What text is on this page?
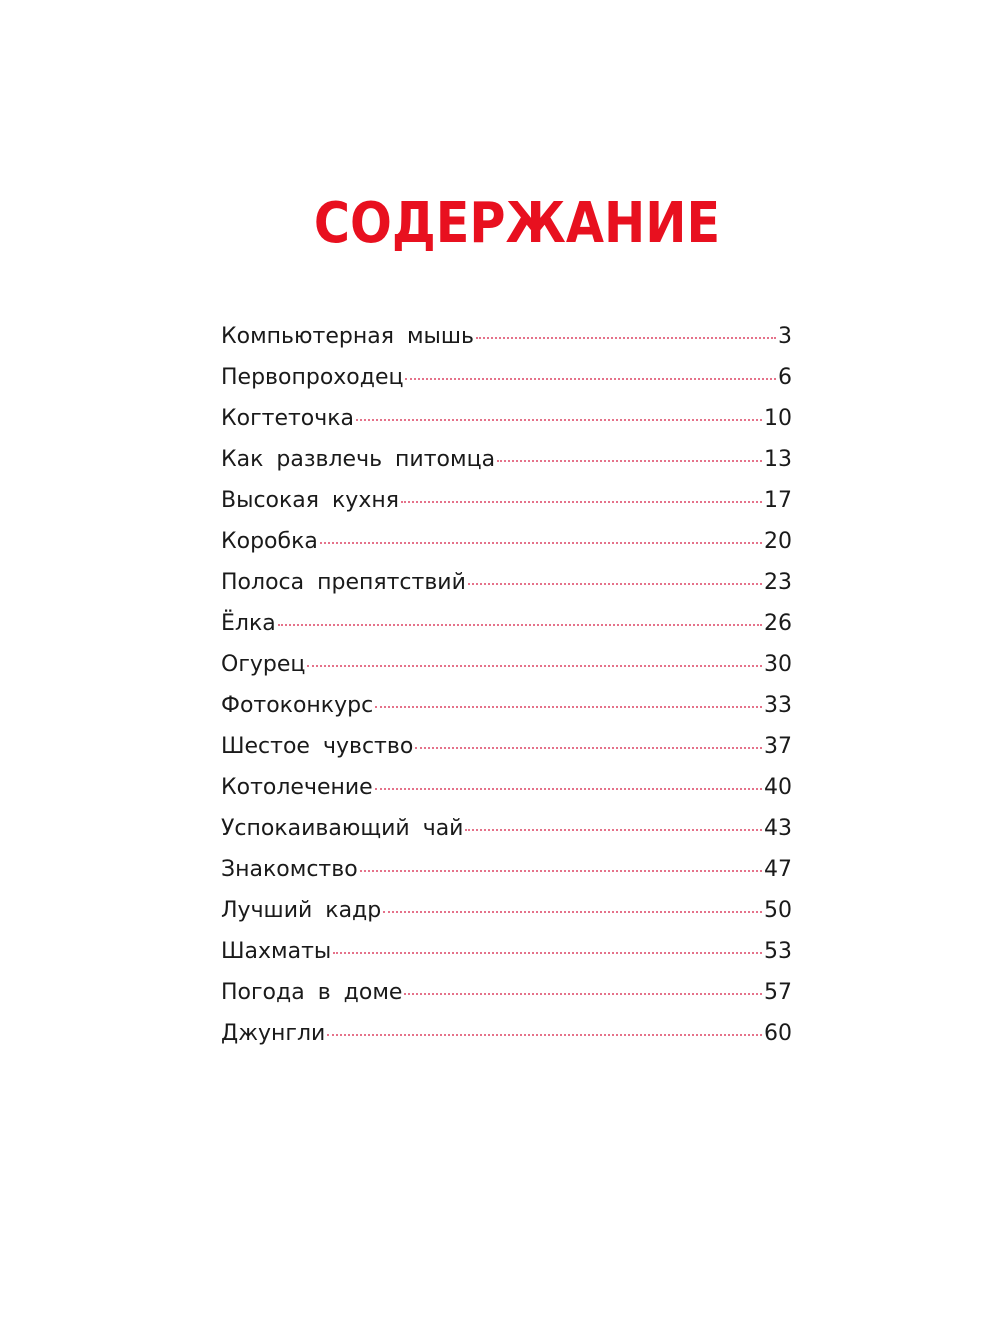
СОДЕРЖАНИЕ
Компьютерная мышь	3
Первопроходец	6
Когтеточка	10
Как развлечь питомца	13
Высокая кухня	17
Коробка	20
Полоса препятствий	23
Ёлка	26
Огурец	30
Фотоконкурс	33
Шестое чувство	37
Котолечение	40
Успокаивающий чай	43
Знакомство	47
Лучший кадр	50
Шахматы	53
Погода в доме	57
Джунгли	60
